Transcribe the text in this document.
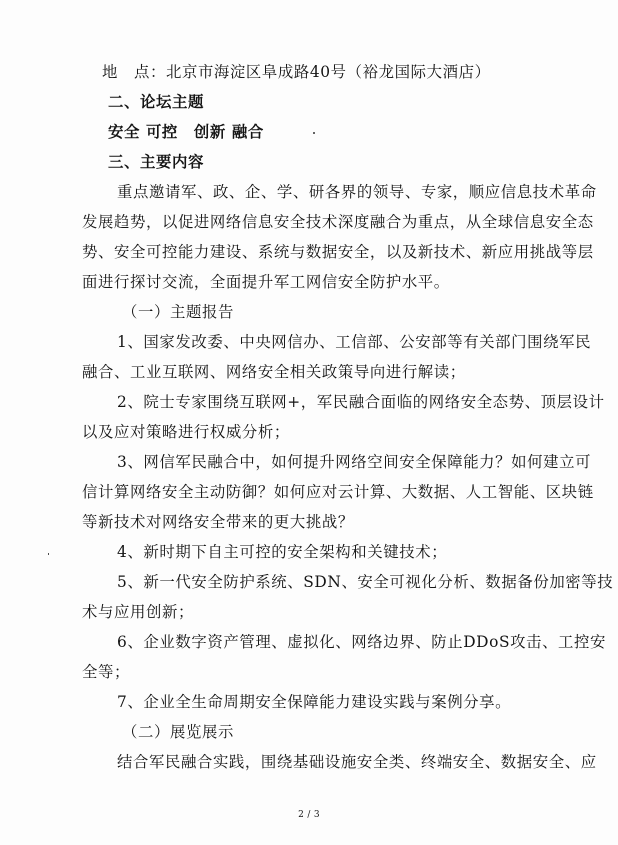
地　点：北京市海淀区阜成路40号（裕龙国际大酒店）
二、论坛主题
安全 可控　创新 融合
三、主要内容
重点邀请军、政、企、学、研各界的领导、专家，顺应信息技术革命
发展趋势，以促进网络信息安全技术深度融合为重点，从全球信息安全态
势、安全可控能力建设、系统与数据安全，以及新技术、新应用挑战等层
面进行探讨交流，全面提升军工网信安全防护水平。
（一）主题报告
1、国家发改委、中央网信办、工信部、公安部等有关部门围绕军民
融合、工业互联网、网络安全相关政策导向进行解读；
2、院士专家围绕互联网+，军民融合面临的网络安全态势、顶层设计
以及应对策略进行权威分析；
3、网信军民融合中，如何提升网络空间安全保障能力？如何建立可
信计算网络安全主动防御？如何应对云计算、大数据、人工智能、区块链
等新技术对网络安全带来的更大挑战？
4、新时期下自主可控的安全架构和关键技术；
5、新一代安全防护系统、SDN、安全可视化分析、数据备份加密等技
术与应用创新；
6、企业数字资产管理、虚拟化、网络边界、防止DDoS攻击、工控安
全等；
7、企业全生命周期安全保障能力建设实践与案例分享。
（二）展览展示
结合军民融合实践，围绕基础设施安全类、终端安全、数据安全、应
2 / 3
